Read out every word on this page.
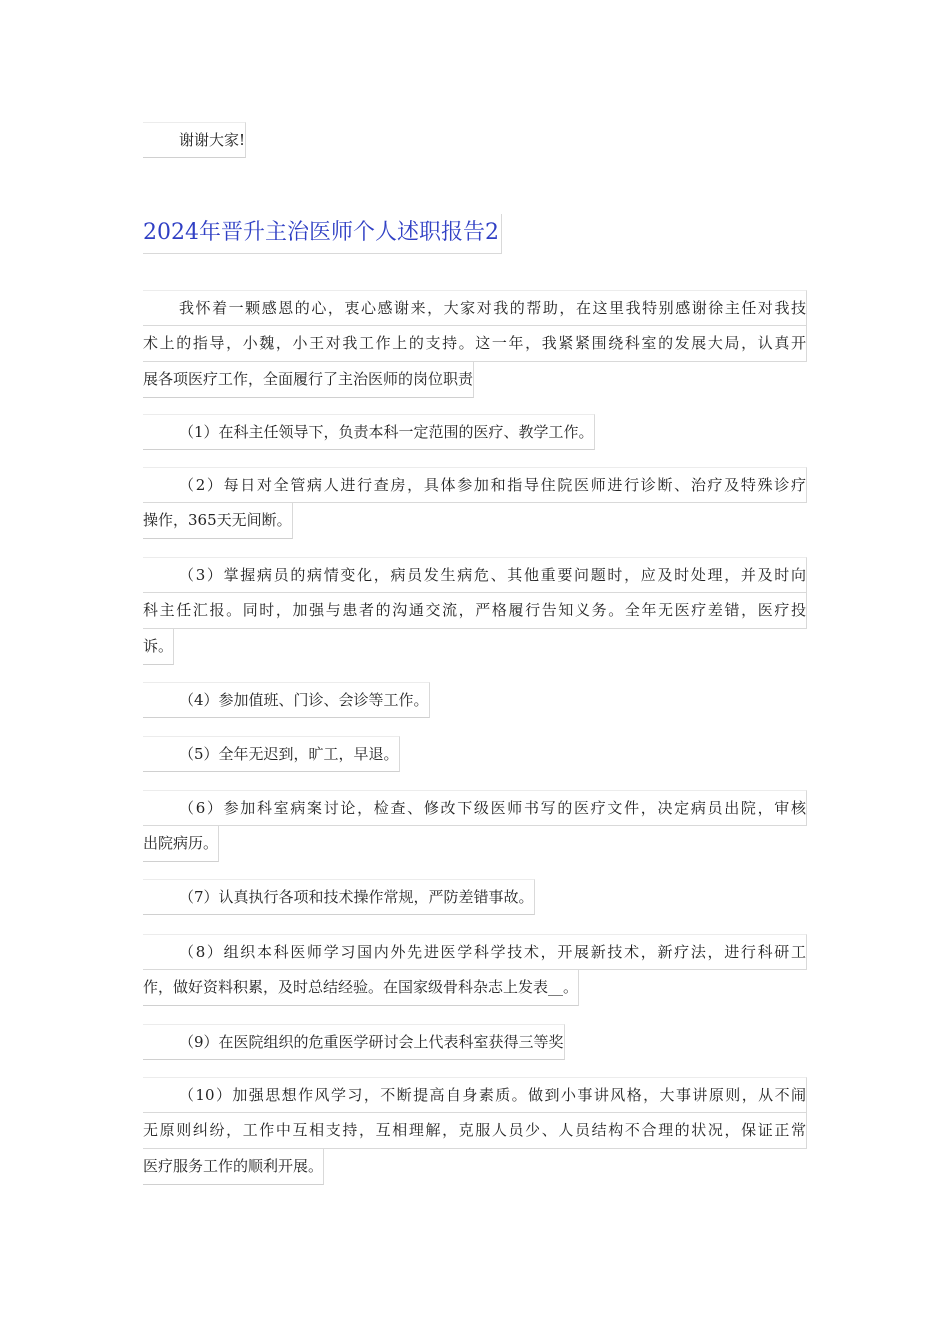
谢谢大家!
2024年晋升主治医师个人述职报告2
我怀着一颗感恩的心，衷心感谢来，大家对我的帮助，在这里我特别感谢徐主任对我技
术上的指导，小魏，小王对我工作上的支持。这一年，我紧紧围绕科室的发展大局，认真开
展各项医疗工作，全面履行了主治医师的岗位职责
（1）在科主任领导下，负责本科一定范围的医疗、教学工作。
（2）每日对全管病人进行查房，具体参加和指导住院医师进行诊断、治疗及特殊诊疗
操作，365天无间断。
（3）掌握病员的病情变化，病员发生病危、其他重要问题时，应及时处理，并及时向
科主任汇报。同时，加强与患者的沟通交流，严格履行告知义务。全年无医疗差错，医疗投
诉。
（4）参加值班、门诊、会诊等工作。
（5）全年无迟到，旷工，早退。
（6）参加科室病案讨论，检查、修改下级医师书写的医疗文件，决定病员出院，审核
出院病历。
（7）认真执行各项和技术操作常规，严防差错事故。
（8）组织本科医师学习国内外先进医学科学技术，开展新技术，新疗法，进行科研工
作，做好资料积累，及时总结经验。在国家级骨科杂志上发表__。
（9）在医院组织的危重医学研讨会上代表科室获得三等奖
（10）加强思想作风学习，不断提高自身素质。做到小事讲风格，大事讲原则，从不闹
无原则纠纷，工作中互相支持，互相理解，克服人员少、人员结构不合理的状况，保证正常
医疗服务工作的顺利开展。
